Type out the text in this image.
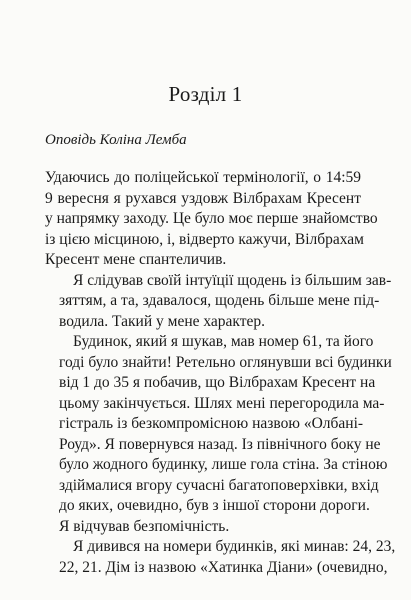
Розділ 1

Оповідь Коліна Лемба

Удаючись до поліцейської термінології, о 14:59
9 вересня я рухався уздовж Вілбрахам Кресент
у напрямку заходу. Це було моє перше знайомство
із цією місциною, і, відверто кажучи, Вілбрахам
Кресент мене спантеличив.

Я слідував своїй інтуїції щодень із більшим зав-
зяттям, а та, здавалося, щодень більше мене під-
водила. Такий у мене характер.

Будинок, який я шукав, мав номер 61, та його
годі було знайти! Ретельно оглянувши всі будинки
від 1 до 35 я побачив, що Вілбрахам Кресент на
цьому закінчується. Шлях мені перегородила ма-
гістраль із безкомпромісною назвою «Олбані-
Роуд». Я повернувся назад. Із північного боку не
було жодного будинку, лише гола стіна. За стіною
здіймалися вгору сучасні багатоповерхівки, вхід
до яких, очевидно, був з іншої сторони дороги.
Я відчував безпомічність.

Я дивився на номери будинків, які минав: 24, 23,
22, 21. Дім із назвою «Хатинка Діани» (очевидно,
